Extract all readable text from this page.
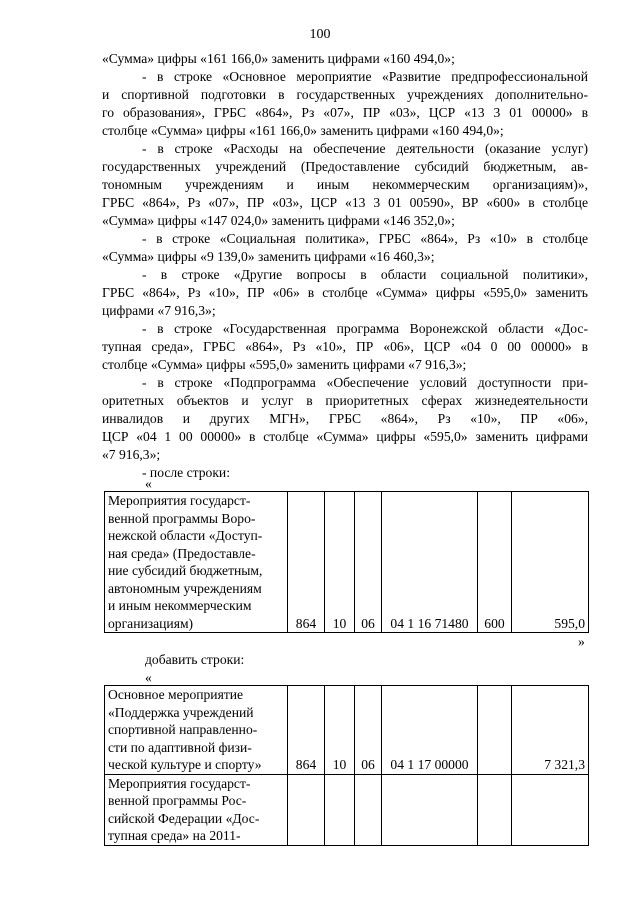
100
«Сумма» цифры «161 166,0» заменить цифрами «160 494,0»;
- в строке «Основное мероприятие «Развитие предпрофессиональной
и спортивной подготовки в государственных учреждениях дополнительно-
го образования», ГРБС «864», Рз «07», ПР «03», ЦСР «13 3 01 00000» в
столбце «Сумма» цифры «161 166,0» заменить цифрами «160 494,0»;
- в строке «Расходы на обеспечение деятельности (оказание услуг)
государственных учреждений (Предоставление субсидий бюджетным, ав-
тономным учреждениям и иным некоммерческим организациям)»,
ГРБС «864», Рз «07», ПР «03», ЦСР «13 3 01 00590», ВР «600» в столбце
«Сумма» цифры «147 024,0» заменить цифрами «146 352,0»;
- в строке «Социальная политика», ГРБС «864», Рз «10» в столбце
«Сумма» цифры «9 139,0» заменить цифрами «16 460,3»;
- в строке «Другие вопросы в области социальной политики»,
ГРБС «864», Рз «10», ПР «06» в столбце «Сумма» цифры «595,0» заменить
цифрами «7 916,3»;
- в строке «Государственная программа Воронежской области «Дос-
тупная среда», ГРБС «864», Рз «10», ПР «06», ЦСР «04 0 00 00000» в
столбце «Сумма» цифры «595,0» заменить цифрами «7 916,3»;
- в строке «Подпрограмма «Обеспечение условий доступности при-
оритетных объектов и услуг в приоритетных сферах жизнедеятельности
инвалидов и других МГН», ГРБС «864», Рз «10», ПР «06»,
ЦСР «04 1 00 00000» в столбце «Сумма» цифры «595,0» заменить цифрами
«7 916,3»;
- после строки:
«
Мероприятия государст-
венной программы Воро-
нежской области «Доступ-
ная среда» (Предоставле-
ние субсидий бюджетным,
автономным учреждениям
и иным некоммерческим
организациям)	864	10	06	04 1 16 71480	600	595,0
»
добавить строки:
«
Основное мероприятие
«Поддержка учреждений
спортивной направленно-
сти по адаптивной физи-
ческой культуре и спорту»	864	10	06	04 1 17 00000		7 321,3
Мероприятия государст-
венной программы Рос-
сийской Федерации «Дос-
тупная среда» на 2011-						
